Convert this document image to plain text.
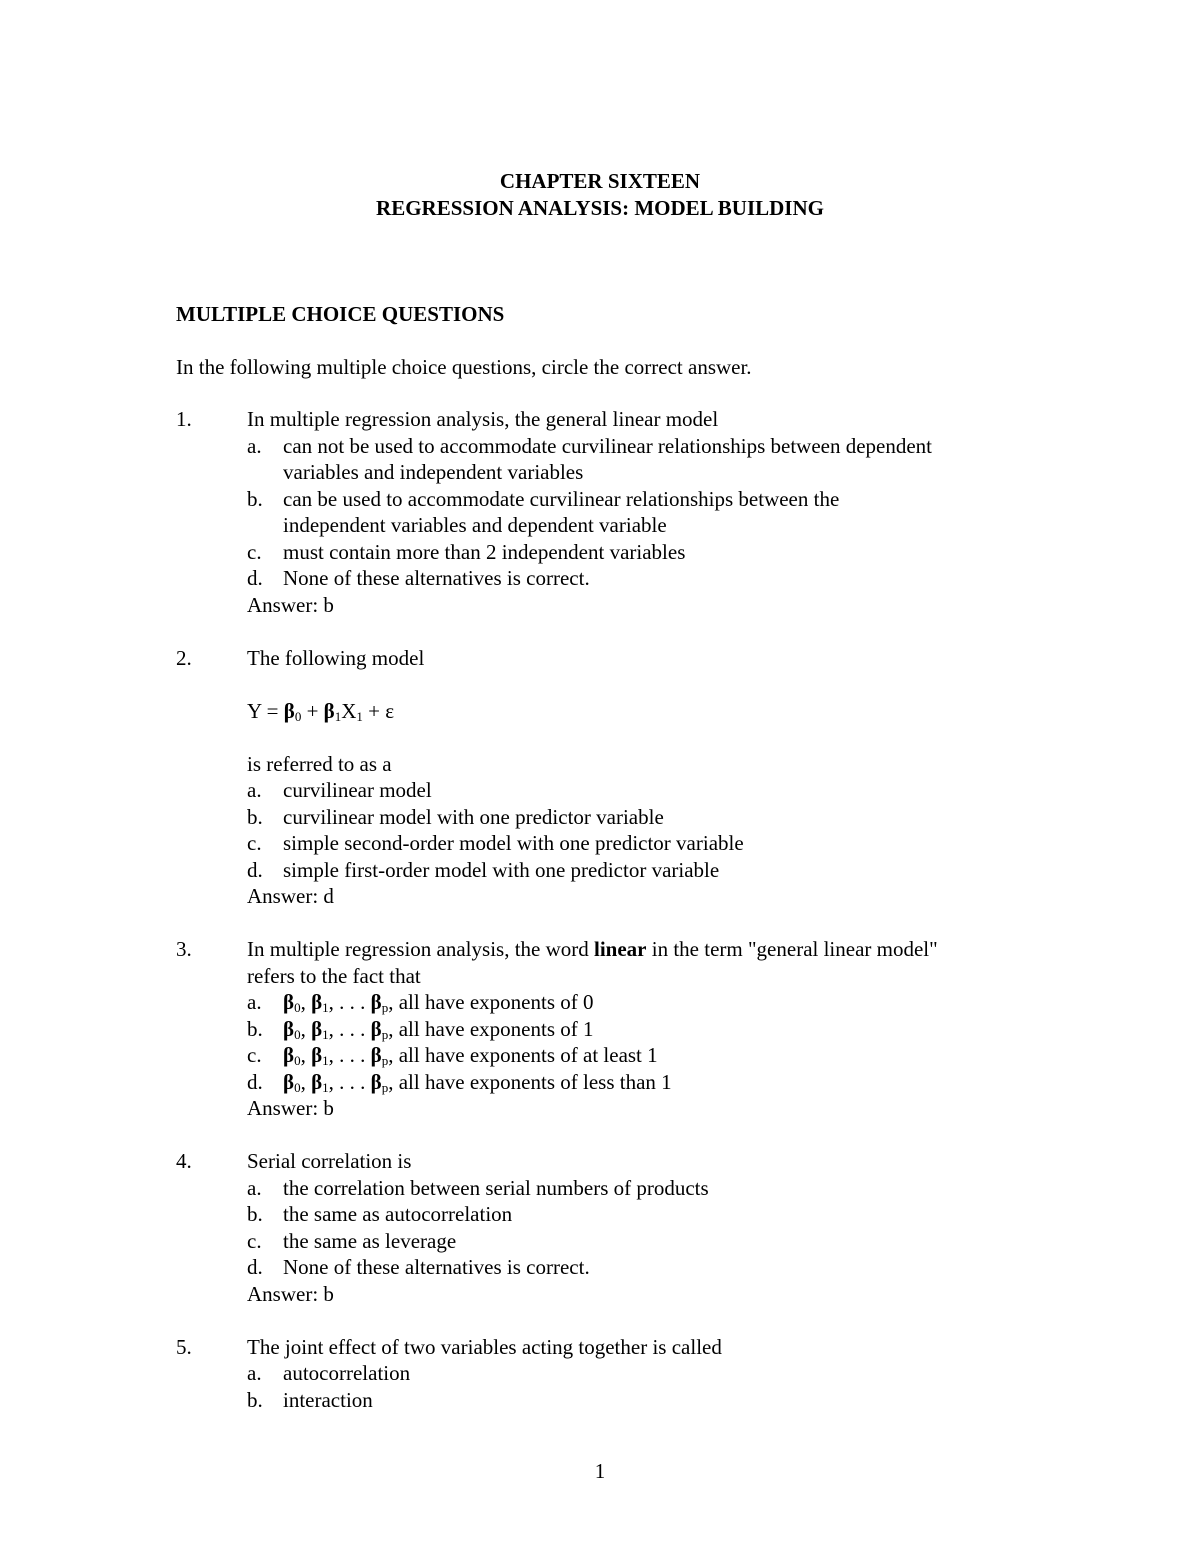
CHAPTER SIXTEEN
REGRESSION ANALYSIS: MODEL BUILDING
MULTIPLE CHOICE QUESTIONS
In the following multiple choice questions, circle the correct answer.
1.	In multiple regression analysis, the general linear model
a. can not be used to accommodate curvilinear relationships between dependent
variables and independent variables
b. can be used to accommodate curvilinear relationships between the
independent variables and dependent variable
c. must contain more than 2 independent variables
d. None of these alternatives is correct.
Answer: b
2.	The following model
$Y = \beta_0 + \beta_1X_1 + \varepsilon$
is referred to as a
a. curvilinear model
b. curvilinear model with one predictor variable
c. simple second-order model with one predictor variable
d. simple first-order model with one predictor variable
Answer: d
3.	In multiple regression analysis, the word linear in the term "general linear model"
refers to the fact that
a. $\beta_0$, $\beta_1$, . . . $\beta_p$, all have exponents of 0
b. $\beta_0$, $\beta_1$, . . . $\beta_p$, all have exponents of 1
c. $\beta_0$, $\beta_1$, . . . $\beta_p$, all have exponents of at least 1
d. $\beta_0$, $\beta_1$, . . . $\beta_p$, all have exponents of less than 1
Answer: b
4.	Serial correlation is
a. the correlation between serial numbers of products
b. the same as autocorrelation
c. the same as leverage
d. None of these alternatives is correct.
Answer: b
5.	The joint effect of two variables acting together is called
a. autocorrelation
b. interaction
1
